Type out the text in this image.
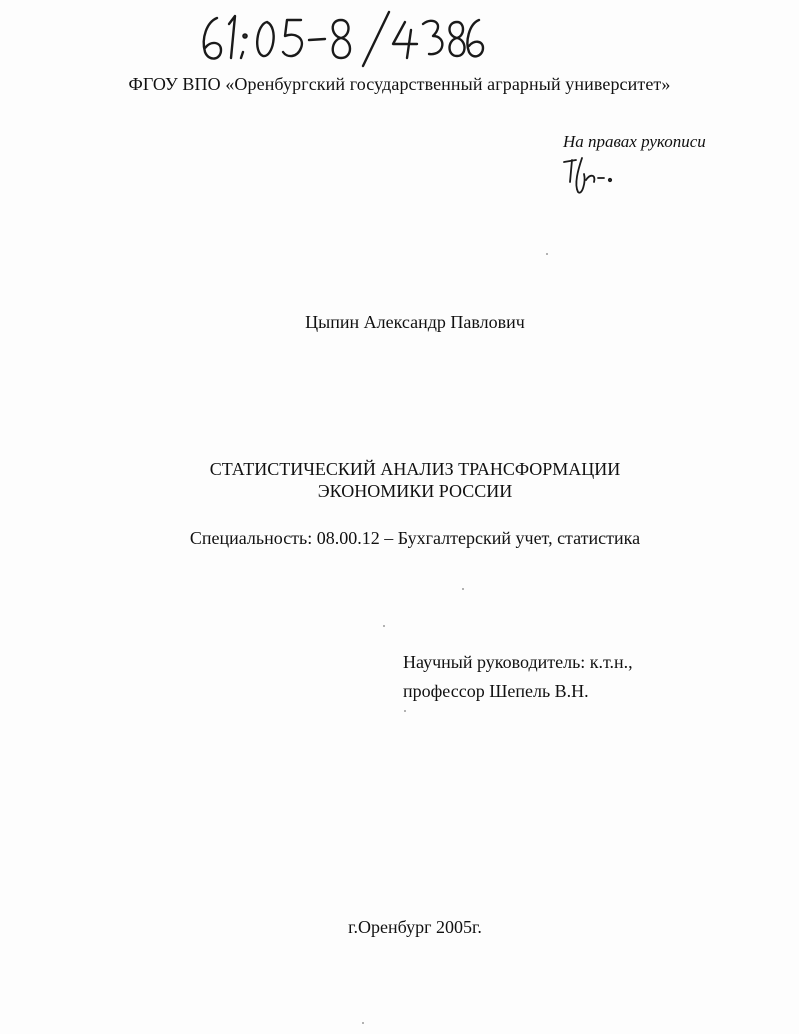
ФГОУ ВПО «Оренбургский государственный аграрный университет»
На правах рукописи
Цыпин Александр Павлович
СТАТИСТИЧЕСКИЙ АНАЛИЗ ТРАНСФОРМАЦИИ
ЭКОНОМИКИ РОССИИ
Специальность: 08.00.12 – Бухгалтерский учет, статистика
Научный руководитель: к.т.н.,
профессор Шепель В.Н.
г.Оренбург 2005г.
